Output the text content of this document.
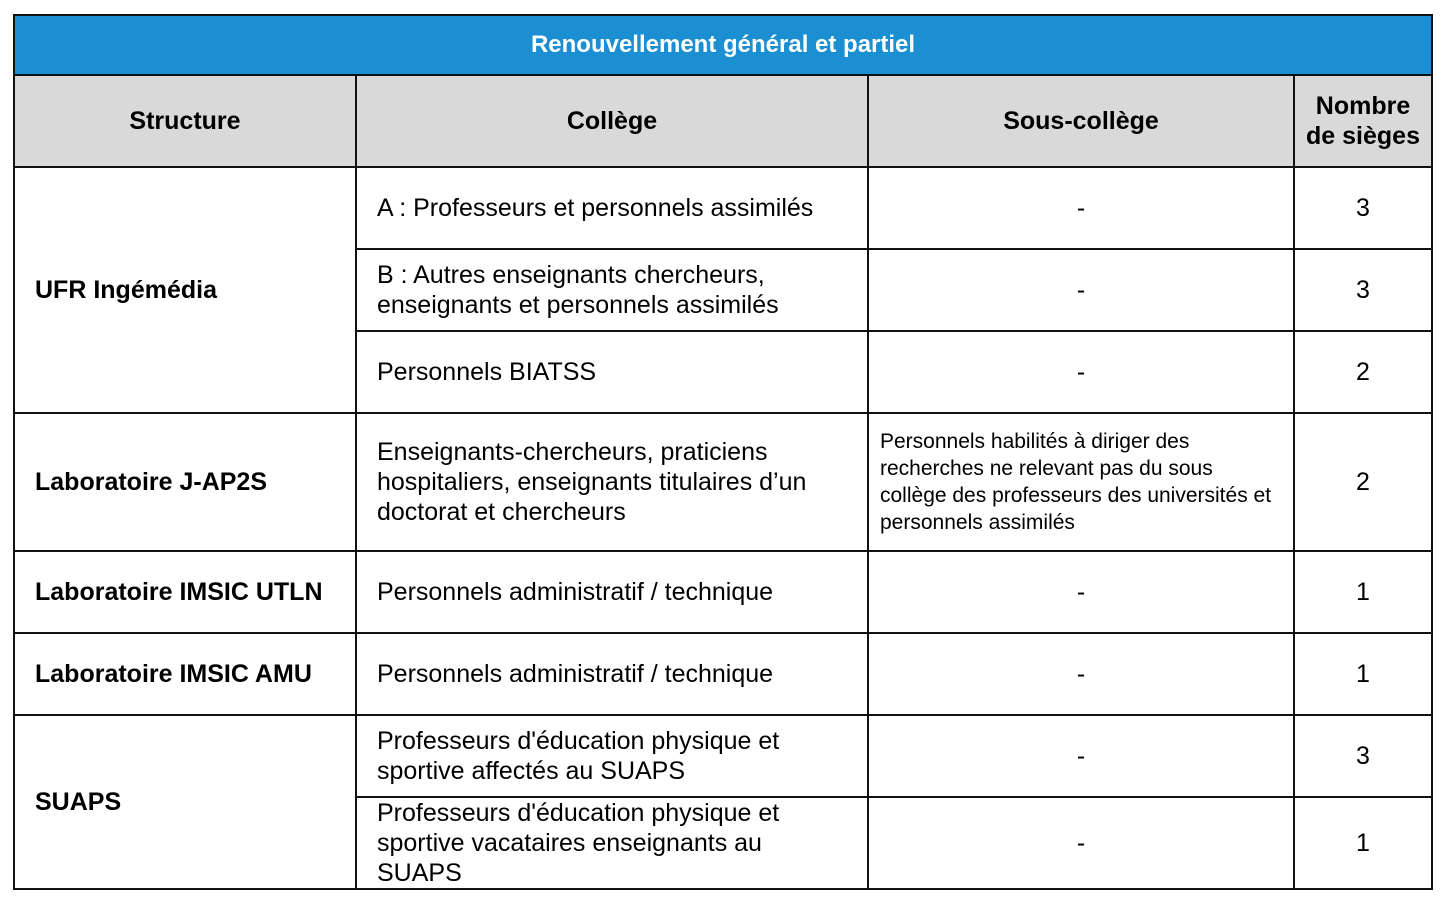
Renouvellement général et partiel			
Structure	Collège	Sous-collège	Nombre de sièges
UFR Ingémédia	A : Professeurs et personnels assimilés	-	3
	B : Autres enseignants chercheurs, enseignants et personnels assimilés	-	3
	Personnels BIATSS	-	2
Laboratoire J-AP2S	Enseignants-chercheurs, praticiens hospitaliers, enseignants titulaires d’un doctorat et chercheurs	Personnels habilités à diriger des recherches ne relevant pas du sous collège des professeurs des universités et personnels assimilés	2
Laboratoire IMSIC UTLN	Personnels administratif / technique	-	1
Laboratoire IMSIC AMU	Personnels administratif / technique	-	1
SUAPS	Professeurs d'éducation physique et sportive affectés au SUAPS	-	3
	Professeurs d'éducation physique et sportive vacataires enseignants au SUAPS	-	1
